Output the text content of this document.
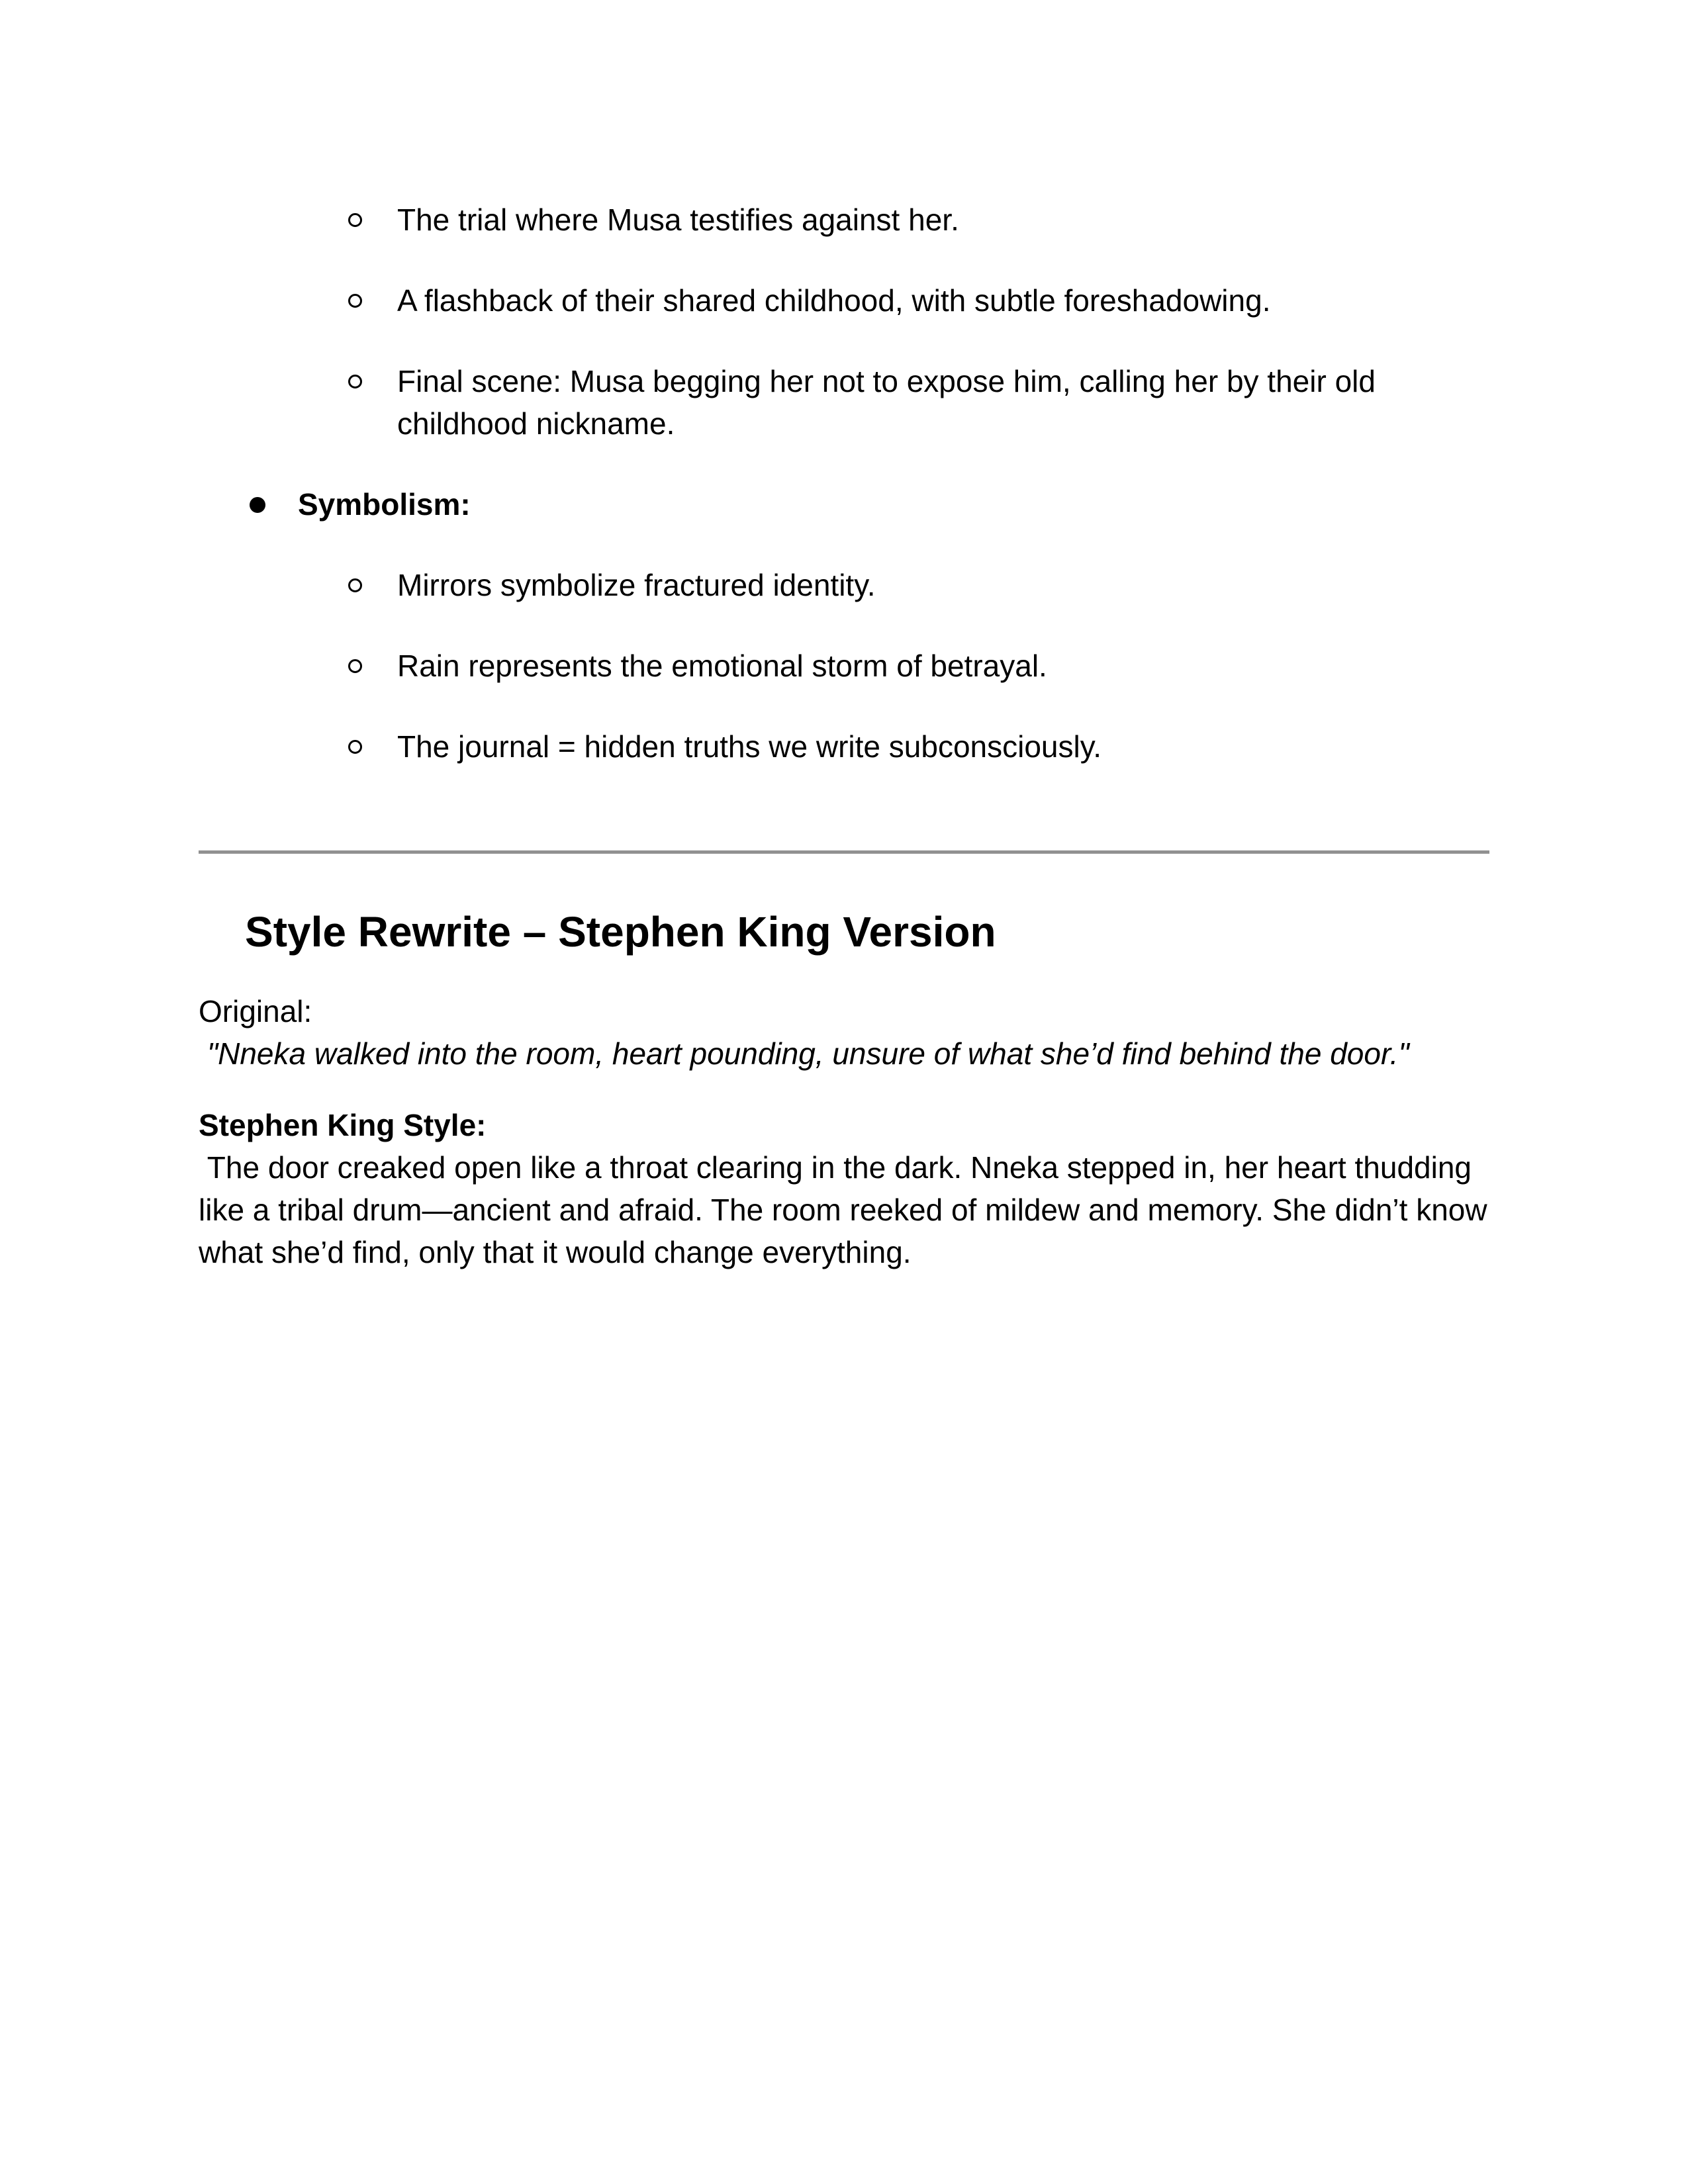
The trial where Musa testifies against her.
A flashback of their shared childhood, with subtle foreshadowing.
Final scene: Musa begging her not to expose him, calling her by their old childhood nickname.
Symbolism:
Mirrors symbolize fractured identity.
Rain represents the emotional storm of betrayal.
The journal = hidden truths we write subconsciously.
Style Rewrite – Stephen King Version
Original:
"Nneka walked into the room, heart pounding, unsure of what she’d find behind the door."
Stephen King Style:
The door creaked open like a throat clearing in the dark. Nneka stepped in, her heart thudding like a tribal drum—ancient and afraid. The room reeked of mildew and memory. She didn’t know what she’d find, only that it would change everything.
